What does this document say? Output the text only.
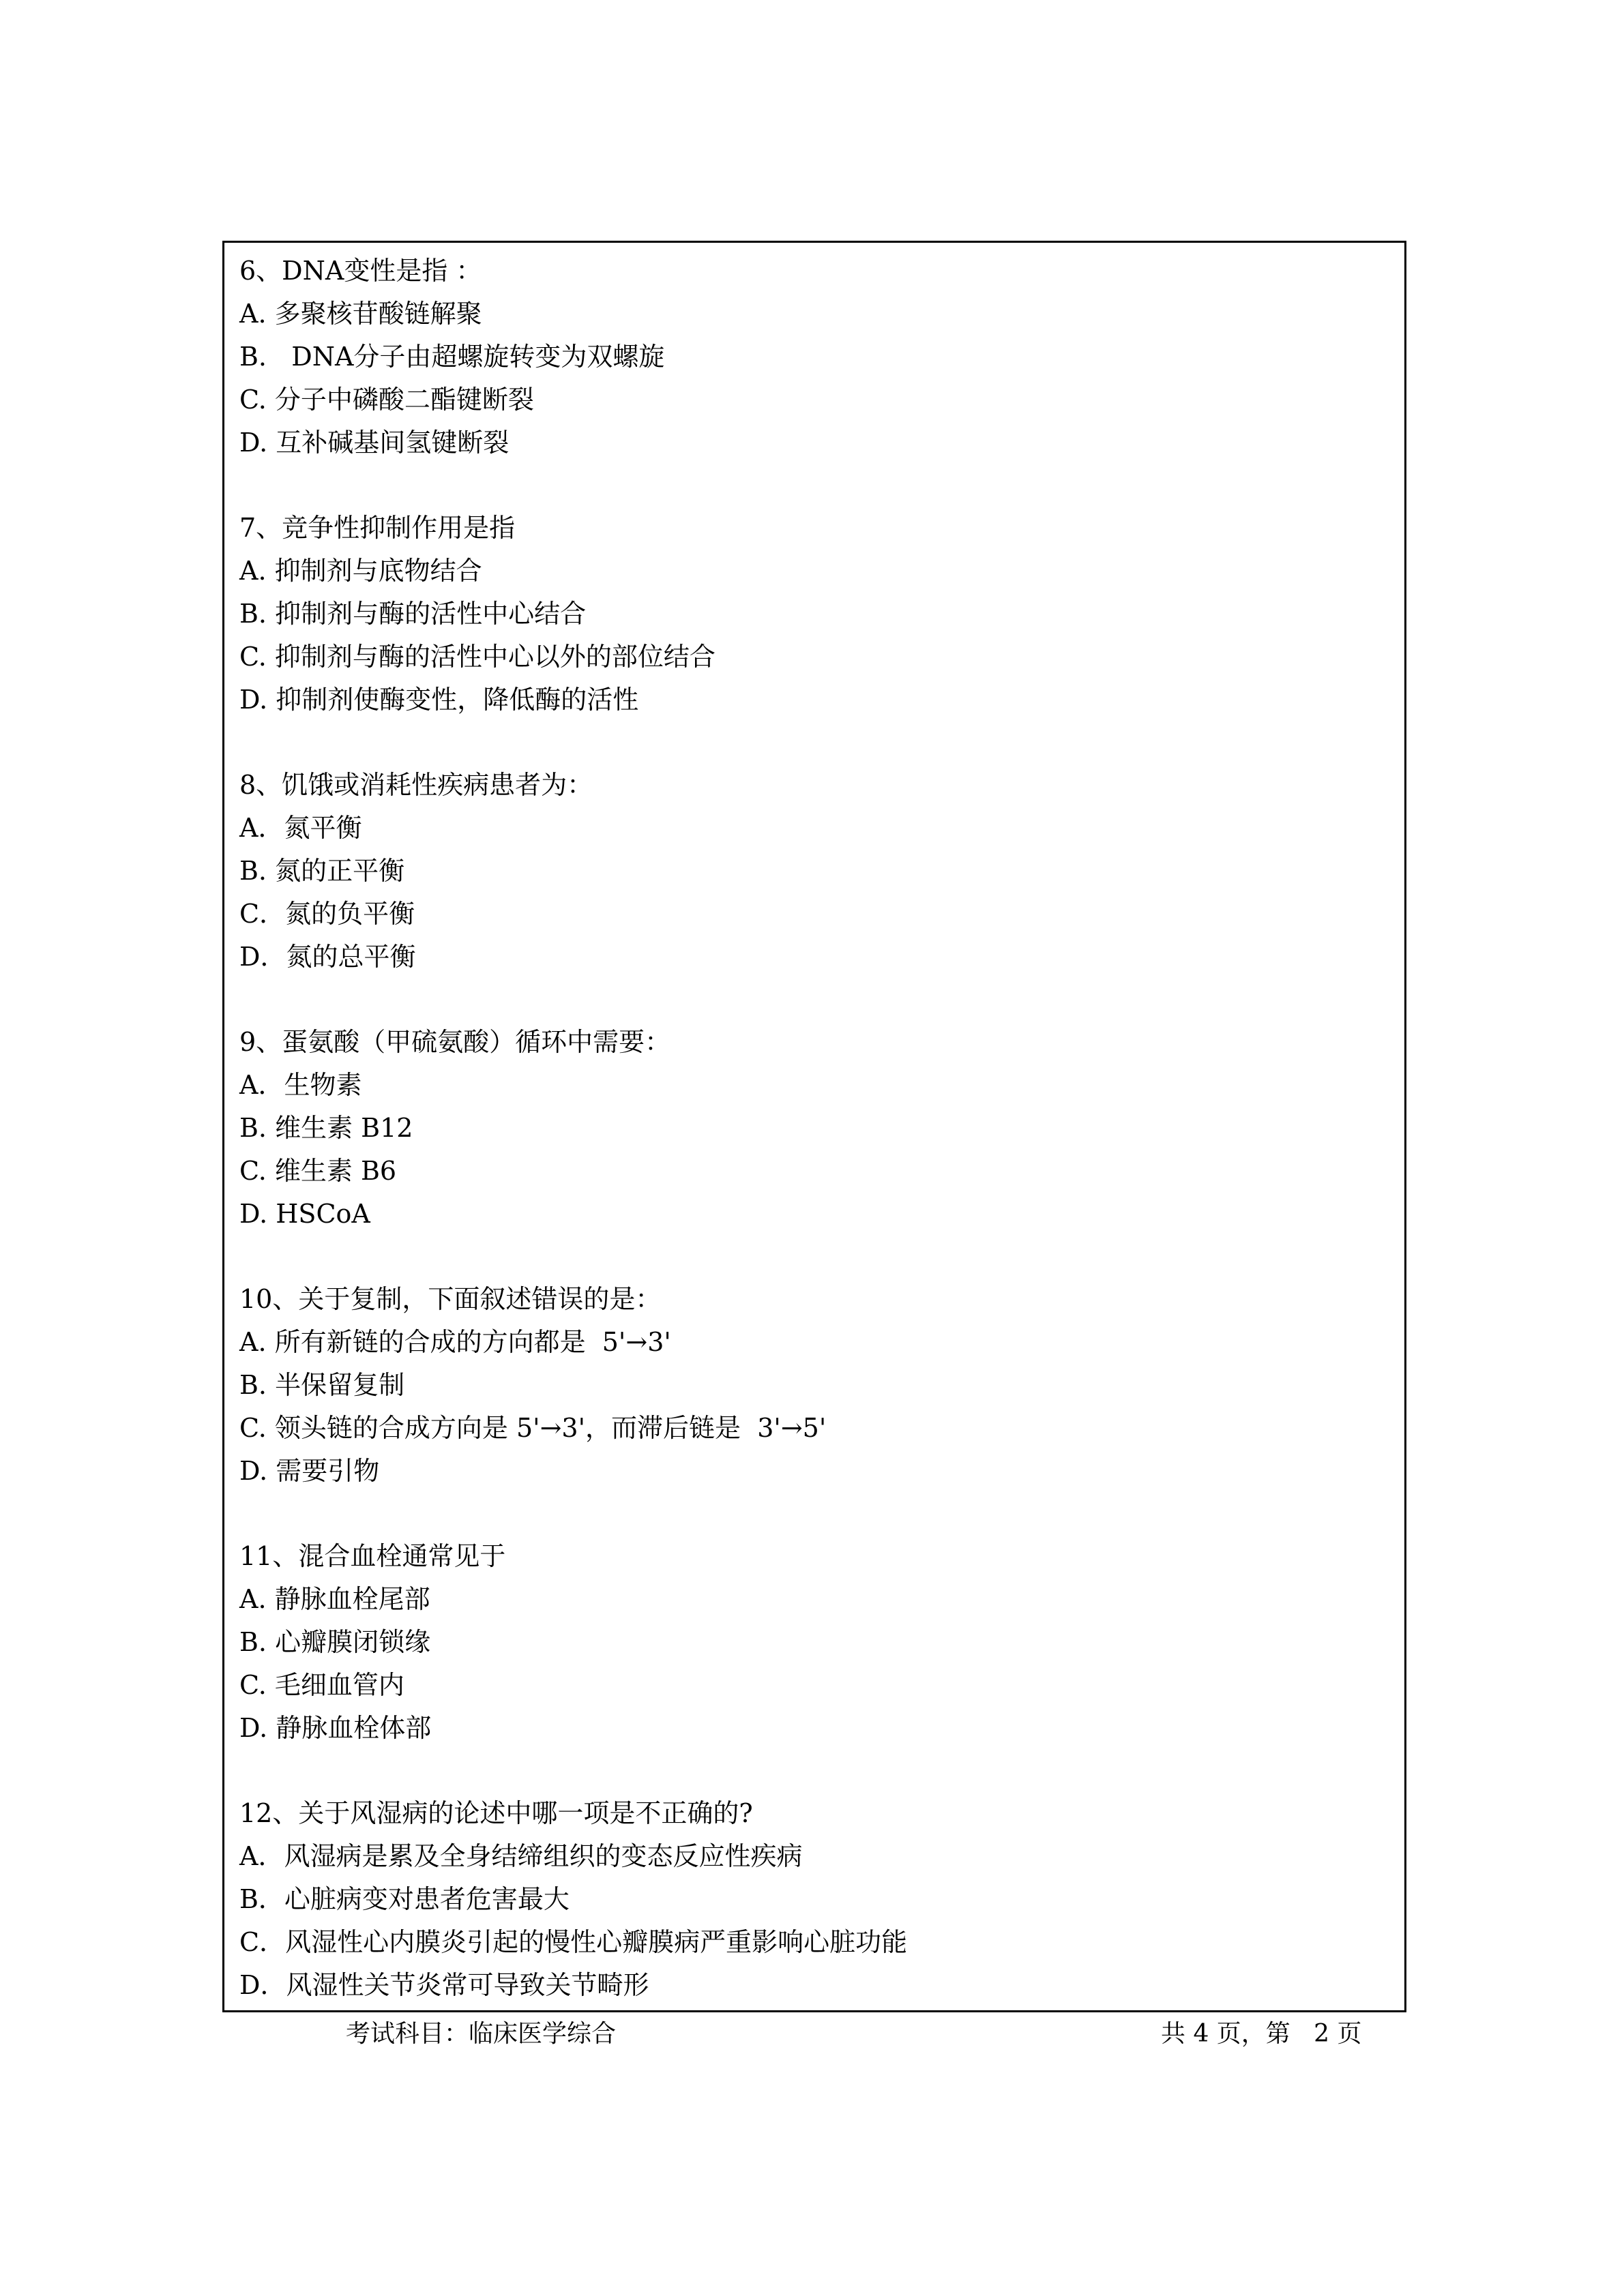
6、DNA变性是指 ：
A. 多聚核苷酸链解聚
B.   DNA分子由超螺旋转变为双螺旋
C. 分子中磷酸二酯键断裂
D. 互补碱基间氢键断裂
7、竞争性抑制作用是指
A. 抑制剂与底物结合
B. 抑制剂与酶的活性中心结合
C. 抑制剂与酶的活性中心以外的部位结合
D. 抑制剂使酶变性，降低酶的活性
8、饥饿或消耗性疾病患者为：
A．氮平衡
B. 氮的正平衡
C．氮的负平衡
D．氮的总平衡
9、蛋氨酸（甲硫氨酸）循环中需要：
A．生物素
B. 维生素 B12
C. 维生素 B6
D. HSCoA
10、关于复制，下面叙述错误的是：
A. 所有新链的合成的方向都是  5'→3'
B. 半保留复制
C. 领头链的合成方向是 5'→3'，而滞后链是  3'→5'
D. 需要引物
11、混合血栓通常见于
A. 静脉血栓尾部
B. 心瓣膜闭锁缘
C. 毛细血管内
D. 静脉血栓体部
12、关于风湿病的论述中哪一项是不正确的?
A．风湿病是累及全身结缔组织的变态反应性疾病
B．心脏病变对患者危害最大
C．风湿性心内膜炎引起的慢性心瓣膜病严重影响心脏功能
D．风湿性关节炎常可导致关节畸形
考试科目：临床医学综合	共 4 页，第   2 页
